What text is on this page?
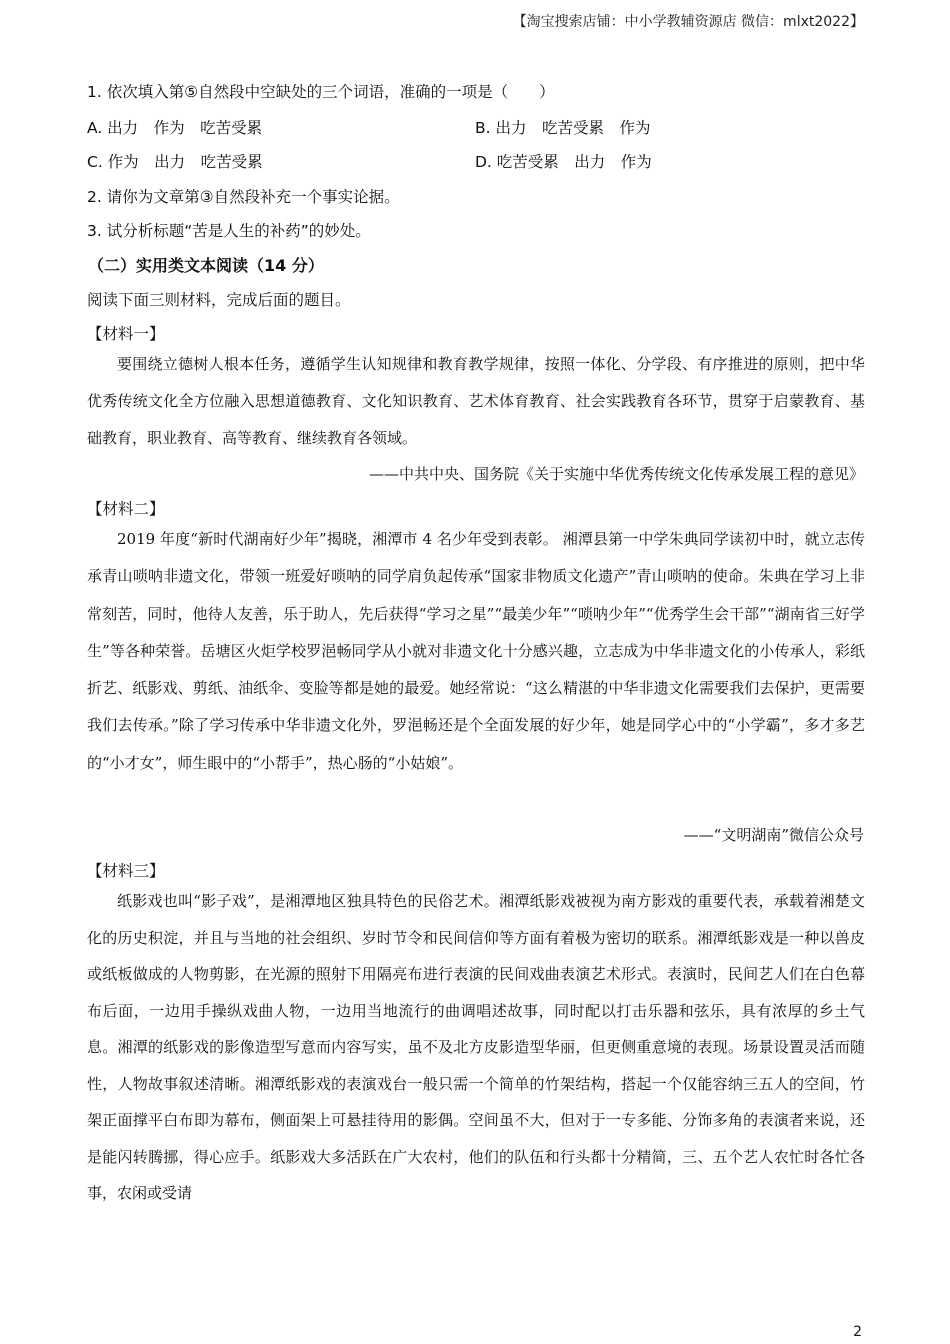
【淘宝搜索店铺：中小学教辅资源店 微信：mlxt2022】
1. 依次填入第⑤自然段中空缺处的三个词语，准确的一项是（　　）
A. 出力　作为　吃苦受累	B. 出力　吃苦受累　作为
C. 作为　出力　吃苦受累	D. 吃苦受累　出力　作为
2. 请你为文章第③自然段补充一个事实论据。
3. 试分析标题“苦是人生的补药”的妙处。
（二）实用类文本阅读（14 分）
阅读下面三则材料，完成后面的题目。
【材料一】

要围绕立德树人根本任务，遵循学生认知规律和教育教学规律，按照一体化、分学段、有序推进的原则，把中华优秀传统文化全方位融入思想道德教育、文化知识教育、艺术体育教育、社会实践教育各环节，贯穿于启蒙教育、基础教育，职业教育、高等教育、继续教育各领域。

——中共中央、国务院《关于实施中华优秀传统文化传承发展工程的意见》
【材料二】

2019 年度“新时代湖南好少年”揭晓，湘潭市 4 名少年受到表彰。 湘潭县第一中学朱典同学读初中时，就立志传承青山唢呐非遗文化，带领一班爱好唢呐的同学肩负起传承“国家非物质文化遗产”青山唢呐的使命。朱典在学习上非常刻苦，同时，他待人友善，乐于助人，先后获得“学习之星”“最美少年”“唢呐少年”“优秀学生会干部”“湖南省三好学生”等各种荣誉。岳塘区火炬学校罗浥畅同学从小就对非遗文化十分感兴趣，立志成为中华非遗文化的小传承人，彩纸折艺、纸影戏、剪纸、油纸伞、变脸等都是她的最爱。她经常说：“这么精湛的中华非遗文化需要我们去保护，更需要我们去传承。”除了学习传承中华非遗文化外，罗浥畅还是个全面发展的好少年，她是同学心中的“小学霸”，多才多艺的“小才女”，师生眼中的“小帮手”，热心肠的“小姑娘”。

——“文明湖南”微信公众号
【材料三】

纸影戏也叫“影子戏”，是湘潭地区独具特色的民俗艺术。湘潭纸影戏被视为南方影戏的重要代表，承载着湘楚文化的历史积淀，并且与当地的社会组织、岁时节令和民间信仰等方面有着极为密切的联系。湘潭纸影戏是一种以兽皮或纸板做成的人物剪影，在光源的照射下用隔亮布进行表演的民间戏曲表演艺术形式。表演时，民间艺人们在白色幕布后面，一边用手操纵戏曲人物，一边用当地流行的曲调唱述故事，同时配以打击乐器和弦乐，具有浓厚的乡土气息。湘潭的纸影戏的影像造型写意而内容写实，虽不及北方皮影造型华丽，但更侧重意境的表现。场景设置灵活而随性，人物故事叙述清晰。湘潭纸影戏的表演戏台一般只需一个简单的竹架结构，搭起一个仅能容纳三五人的空间，竹架正面撑平白布即为幕布，侧面架上可悬挂待用的影偶。空间虽不大，但对于一专多能、分饰多角的表演者来说，还是能闪转腾挪，得心应手。纸影戏大多活跃在广大农村，他们的队伍和行头都十分精简，三、五个艺人农忙时各忙各事，农闲或受请

2
